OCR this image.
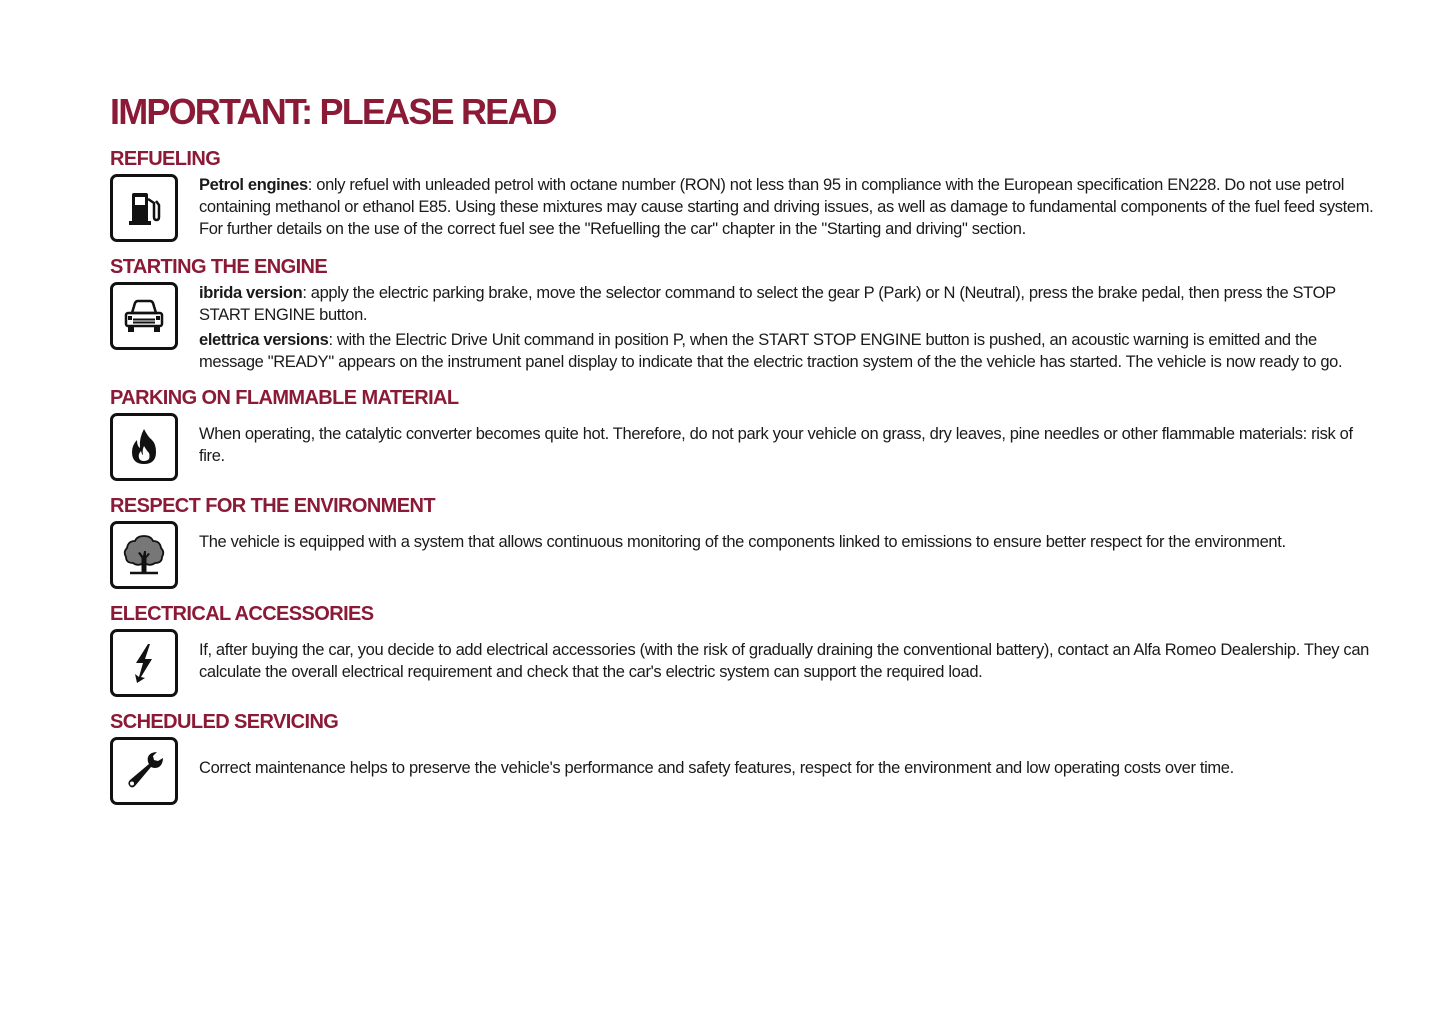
IMPORTANT: PLEASE READ
REFUELING

Petrol engines: only refuel with unleaded petrol with octane number (RON) not less than 95 in compliance with the European specification EN228. Do not use petrol containing methanol or ethanol E85. Using these mixtures may cause starting and driving issues, as well as damage to fundamental components of the fuel feed system. For further details on the use of the correct fuel see the "Refuelling the car" chapter in the "Starting and driving" section.

STARTING THE ENGINE

ibrida version: apply the electric parking brake, move the selector command to select the gear P (Park) or N (Neutral), press the brake pedal, then press the STOP START ENGINE button.

elettrica versions: with the Electric Drive Unit command in position P, when the START STOP ENGINE button is pushed, an acoustic warning is emitted and the message "READY" appears on the instrument panel display to indicate that the electric traction system of the the vehicle has started. The vehicle is now ready to go.

PARKING ON FLAMMABLE MATERIAL

When operating, the catalytic converter becomes quite hot. Therefore, do not park your vehicle on grass, dry leaves, pine needles or other flammable materials: risk of fire.

RESPECT FOR THE ENVIRONMENT

The vehicle is equipped with a system that allows continuous monitoring of the components linked to emissions to ensure better respect for the environment.

ELECTRICAL ACCESSORIES

If, after buying the car, you decide to add electrical accessories (with the risk of gradually draining the conventional battery), contact an Alfa Romeo Dealership. They can calculate the overall electrical requirement and check that the car's electric system can support the required load.

SCHEDULED SERVICING

Correct maintenance helps to preserve the vehicle's performance and safety features, respect for the environment and low operating costs over time.
